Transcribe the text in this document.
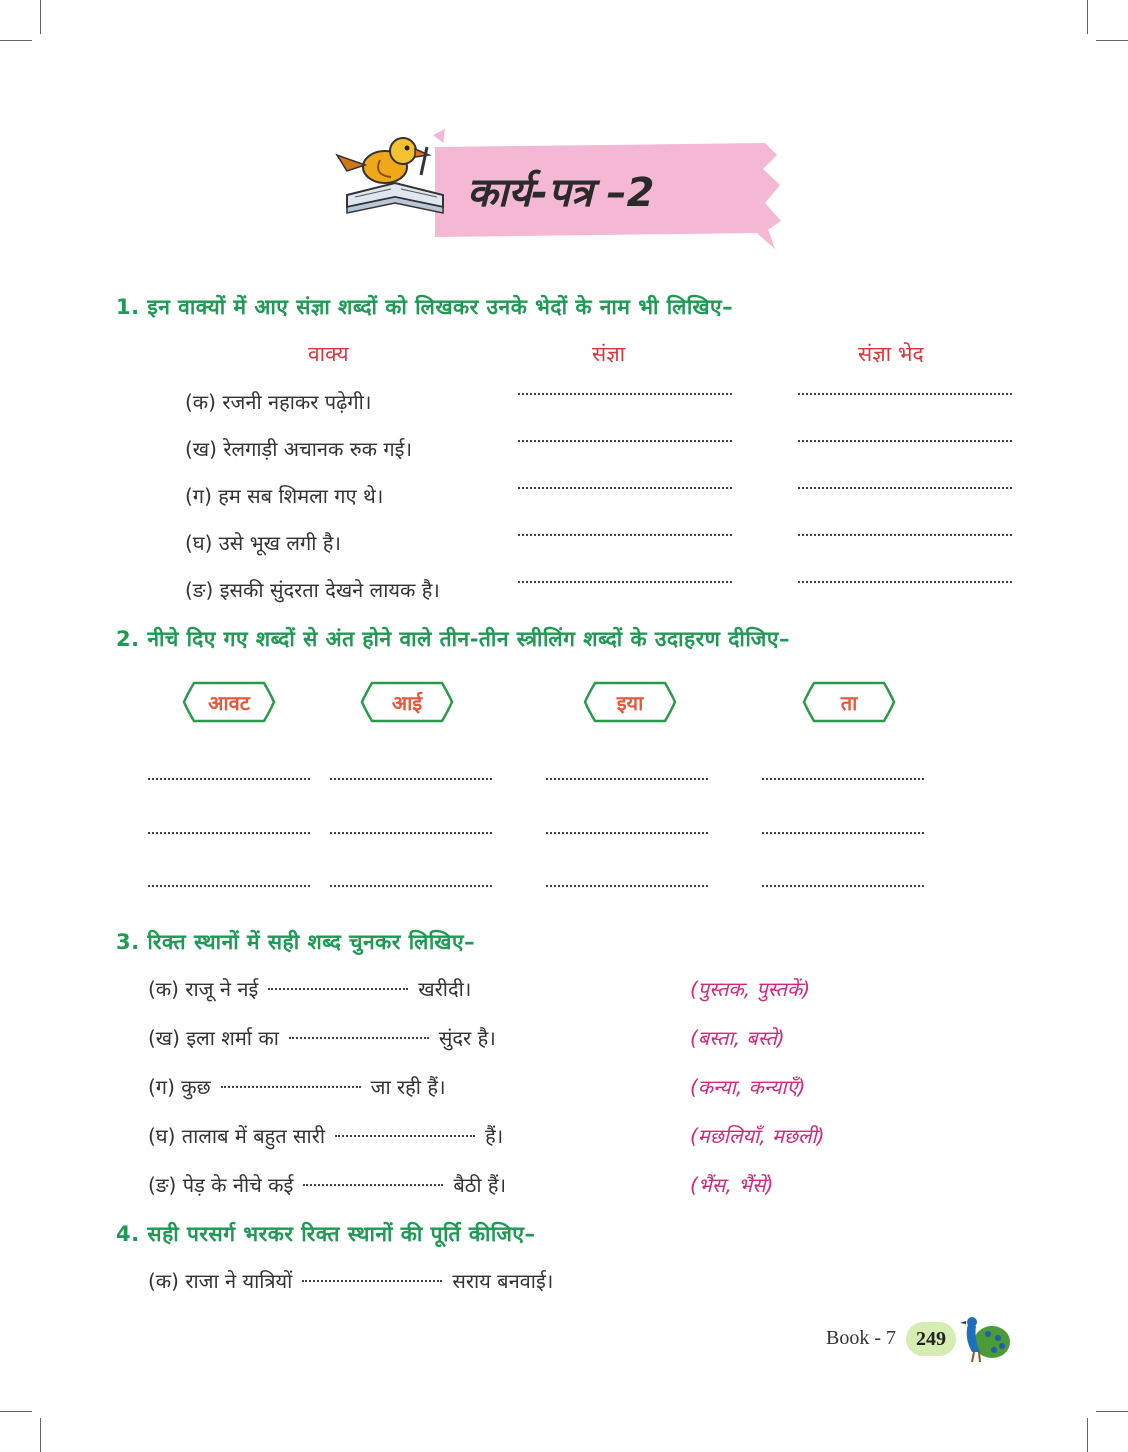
कार्य-पत्र –2
1. इन वाक्यों में आए संज्ञा शब्दों को लिखकर उनके भेदों के नाम भी लिखिए–
वाक्य	संज्ञा	संज्ञा भेद
(क) रजनी नहाकर पढ़ेगी।
(ख) रेलगाड़ी अचानक रुक गई।
(ग) हम सब शिमला गए थे।
(घ) उसे भूख लगी है।
(ङ) इसकी सुंदरता देखने लायक है।
2. नीचे दिए गए शब्दों से अंत होने वाले तीन-तीन स्त्रीलिंग शब्दों के उदाहरण दीजिए–
आवट	आई	इया	ता
3. रिक्त स्थानों में सही शब्द चुनकर लिखिए–
(क) राजू ने नई	खरीदी।	(पुस्तक, पुस्तकें)
(ख) इला शर्मा का	सुंदर है।	(बस्ता, बस्ते)
(ग) कुछ	जा रही हैं।	(कन्या, कन्याएँ)
(घ) तालाब में बहुत सारी	हैं।	(मछलियाँ, मछली)
(ङ) पेड़ के नीचे कई	बैठी हैं।	(भैंस, भैंसें)
4. सही परसर्ग भरकर रिक्त स्थानों की पूर्ति कीजिए–
(क) राजा ने यात्रियों	सराय बनवाई।
Book - 7	249
